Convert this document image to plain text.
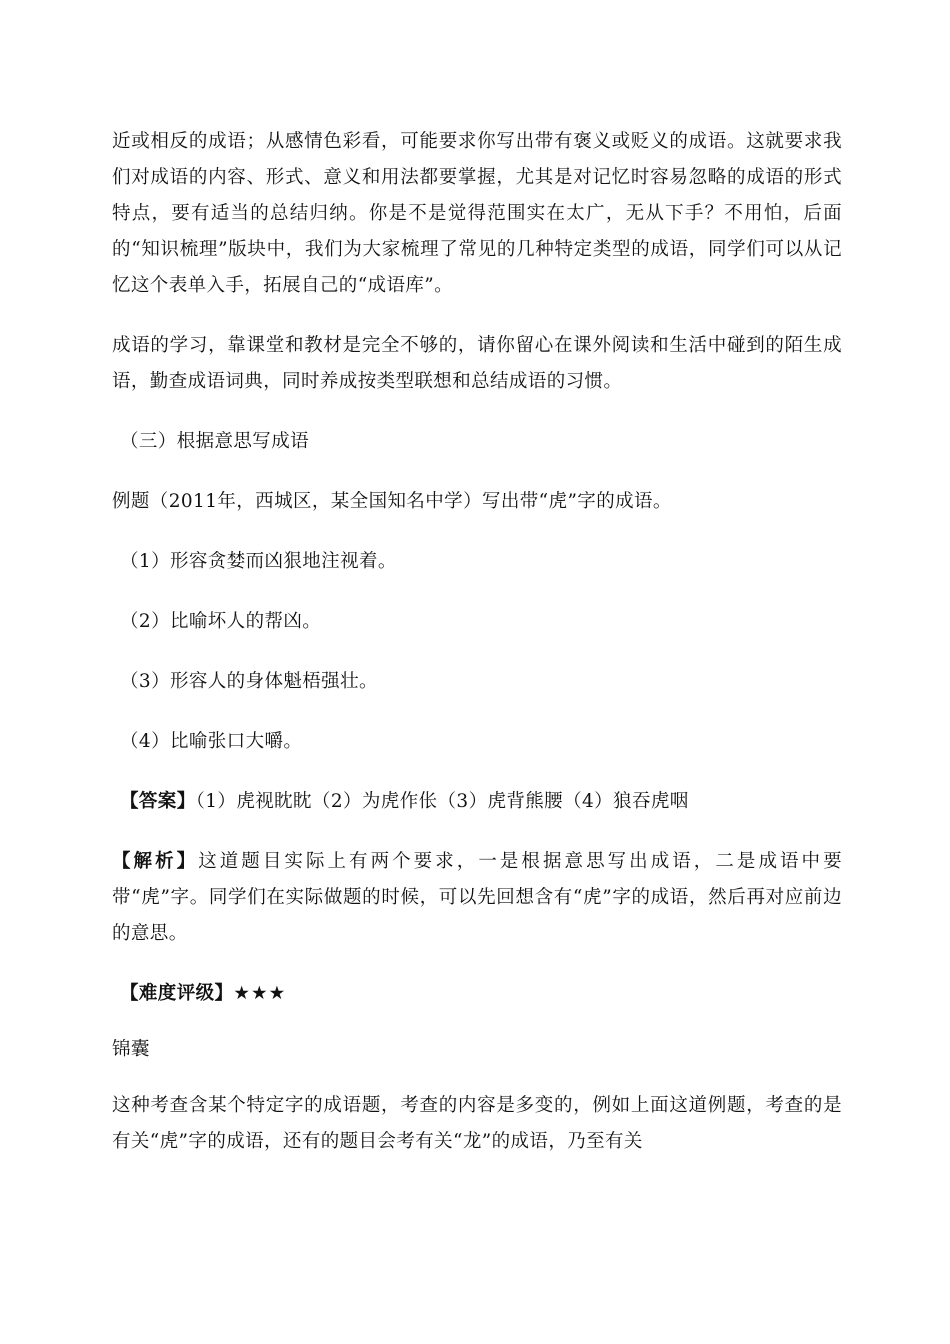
近或相反的成语；从感情色彩看，可能要求你写出带有褒义或贬义的成语。这就要求我们对成语的内容、形式、意义和用法都要掌握，尤其是对记忆时容易忽略的成语的形式特点，要有适当的总结归纳。你是不是觉得范围实在太广，无从下手？不用怕，后面的“知识梳理”版块中，我们为大家梳理了常见的几种特定类型的成语，同学们可以从记忆这个表单入手，拓展自己的“成语库”。

成语的学习，靠课堂和教材是完全不够的，请你留心在课外阅读和生活中碰到的陌生成语，勤查成语词典，同时养成按类型联想和总结成语的习惯。

（三）根据意思写成语

例题（2011年，西城区，某全国知名中学）写出带“虎”字的成语。

（1）形容贪婪而凶狠地注视着。

（2）比喻坏人的帮凶。

（3）形容人的身体魁梧强壮。

（4）比喻张口大嚼。

【答案】（1）虎视眈眈（2）为虎作伥（3）虎背熊腰（4）狼吞虎咽

【解析】这道题目实际上有两个要求，一是根据意思写出成语，二是成语中要带“虎”字。同学们在实际做题的时候，可以先回想含有“虎”字的成语，然后再对应前边的意思。

【难度评级】★★★

锦囊

这种考查含某个特定字的成语题，考查的内容是多变的，例如上面这道例题，考查的是有关“虎”字的成语，还有的题目会考有关“龙”的成语，乃至有关
